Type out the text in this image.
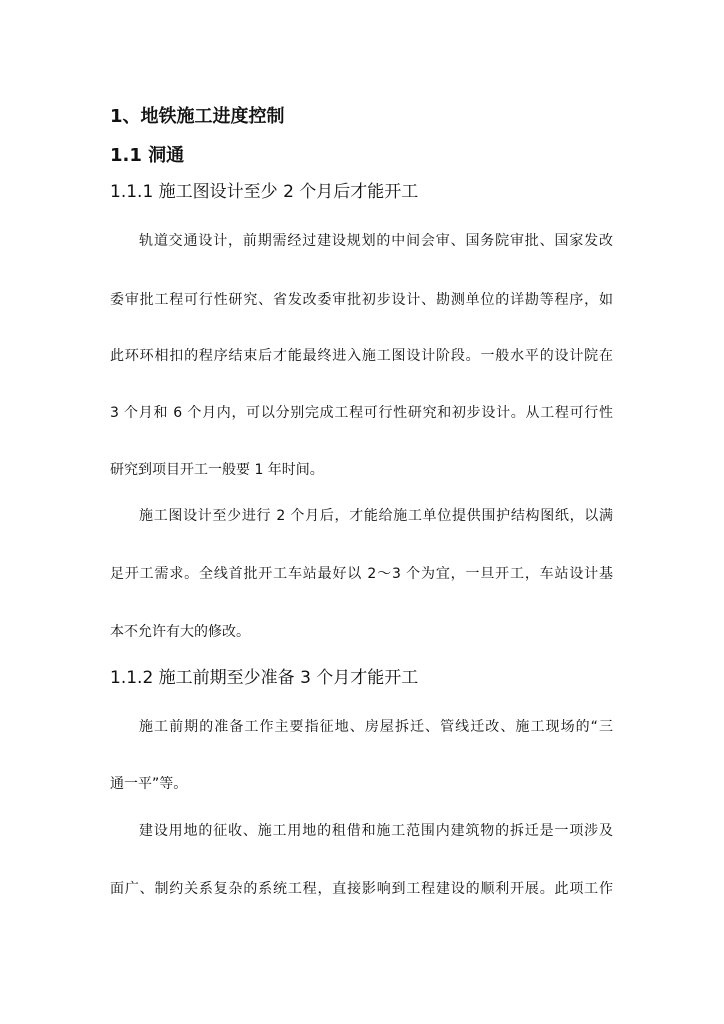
1、地铁施工进度控制
1.1 洞通
1.1.1 施工图设计至少 2 个月后才能开工
轨道交通设计，前期需经过建设规划的中间会审、国务院审批、国家发改
委审批工程可行性研究、省发改委审批初步设计、勘测单位的详勘等程序，如
此环环相扣的程序结束后才能最终进入施工图设计阶段。一般水平的设计院在
3 个月和 6 个月内，可以分别完成工程可行性研究和初步设计。从工程可行性
研究到项目开工一般要 1 年时间。
施工图设计至少进行 2 个月后，才能给施工单位提供围护结构图纸，以满
足开工需求。全线首批开工车站最好以 2～3 个为宜，一旦开工，车站设计基
本不允许有大的修改。
1.1.2 施工前期至少准备 3 个月才能开工
施工前期的准备工作主要指征地、房屋拆迁、管线迁改、施工现场的“三
通一平”等。
建设用地的征收、施工用地的租借和施工范围内建筑物的拆迁是一项涉及
面广、制约关系复杂的系统工程，直接影响到工程建设的顺利开展。此项工作
